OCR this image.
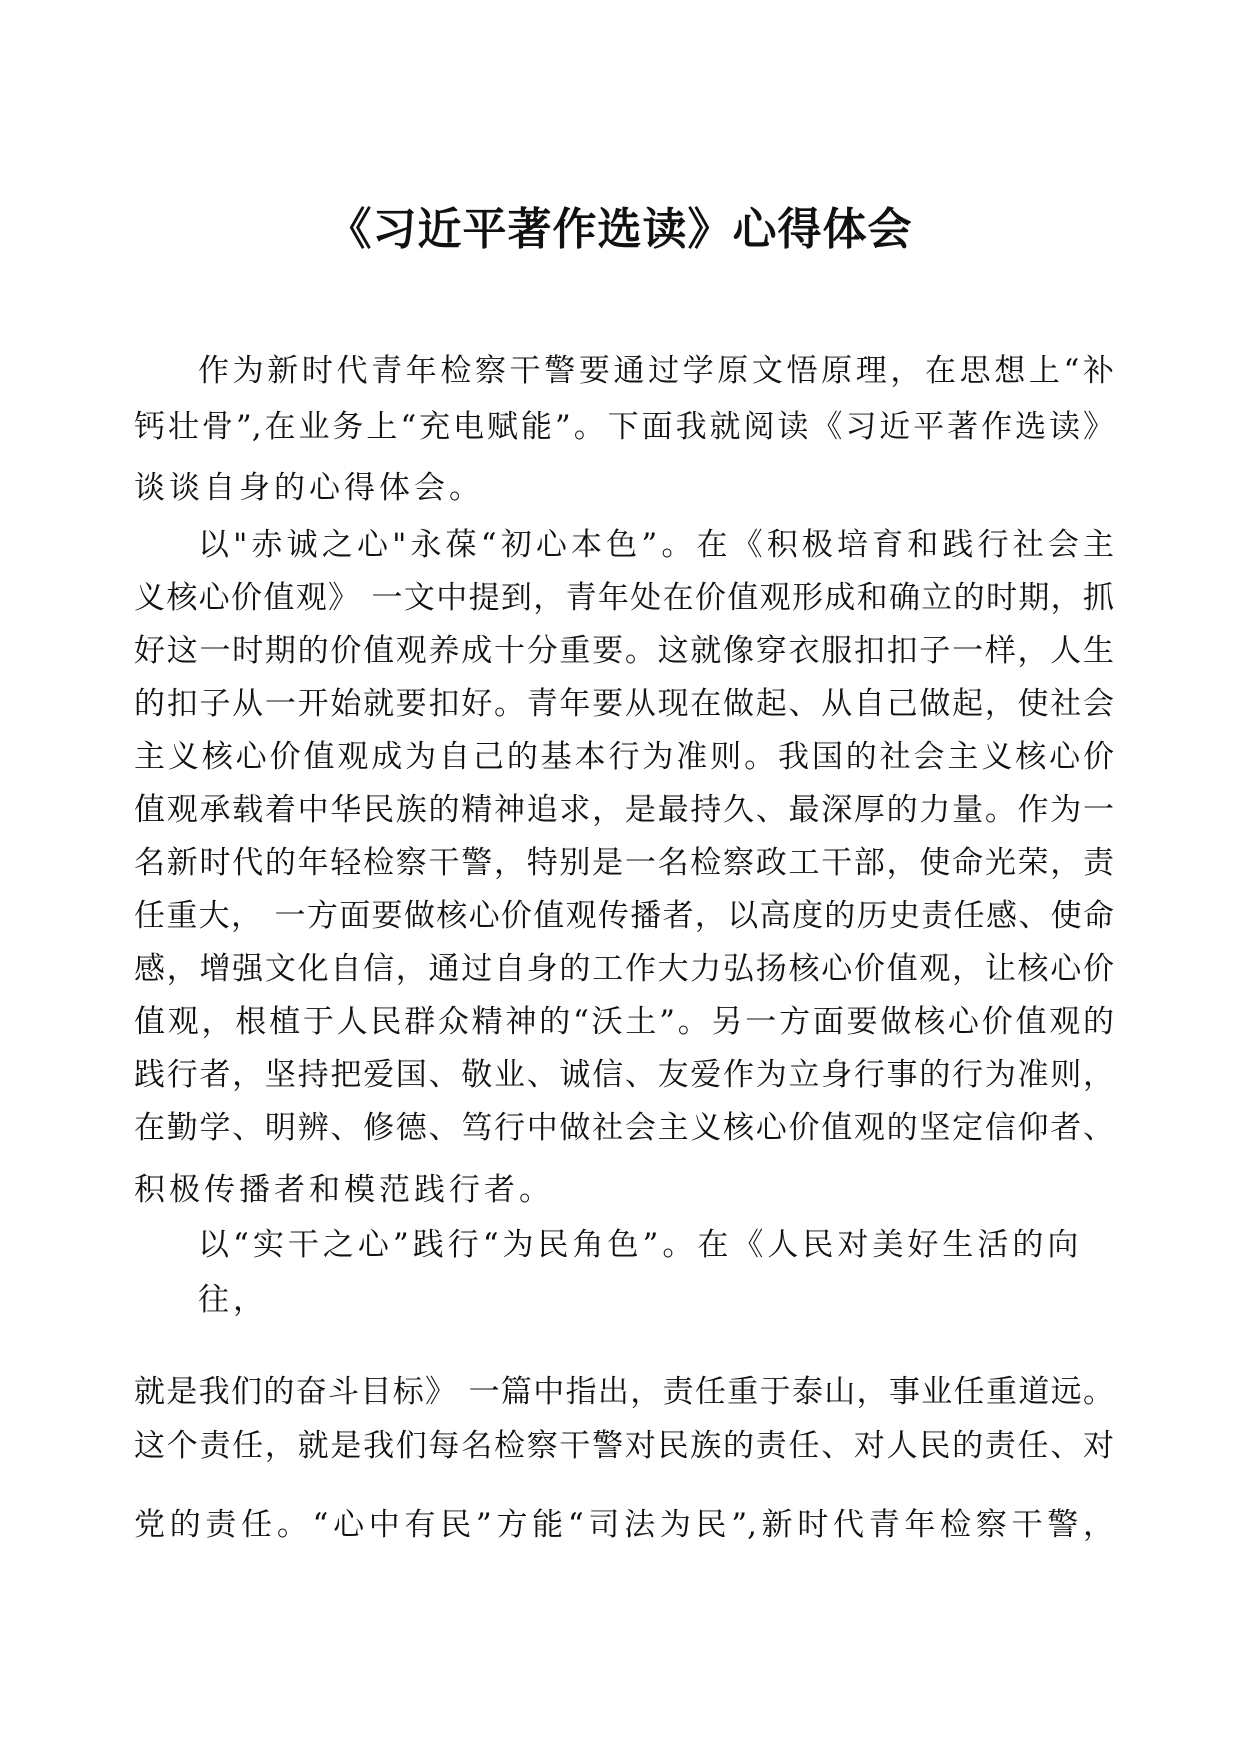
《习近平著作选读》心得体会
作为新时代青年检察干警要通过学原文悟原理，在思想上“补
钙壮骨”,在业务上“充电赋能”。下面我就阅读《习近平著作选读》
谈谈自身的心得体会。
以"赤诚之心"永葆“初心本色”。在《积极培育和践行社会主
义核心价值观》 一文中提到，青年处在价值观形成和确立的时期，抓
好这一时期的价值观养成十分重要。这就像穿衣服扣扣子一样，人生
的扣子从一开始就要扣好。青年要从现在做起、从自己做起，使社会
主义核心价值观成为自己的基本行为准则。我国的社会主义核心价
值观承载着中华民族的精神追求，是最持久、最深厚的力量。作为一
名新时代的年轻检察干警，特别是一名检察政工干部，使命光荣，责
任重大， 一方面要做核心价值观传播者，以高度的历史责任感、使命
感，增强文化自信，通过自身的工作大力弘扬核心价值观，让核心价
值观，根植于人民群众精神的“沃土”。另一方面要做核心价值观的
践行者，坚持把爱国、敬业、诚信、友爱作为立身行事的行为准则，
在勤学、明辨、修德、笃行中做社会主义核心价值观的坚定信仰者、
积极传播者和模范践行者。
以“实干之心”践行“为民角色”。在《人民对美好生活的向
往，
就是我们的奋斗目标》 一篇中指出，责任重于泰山，事业任重道远。
这个责任，就是我们每名检察干警对民族的责任、对人民的责任、对
党的责任。“心中有民”方能“司法为民”,新时代青年检察干警，
